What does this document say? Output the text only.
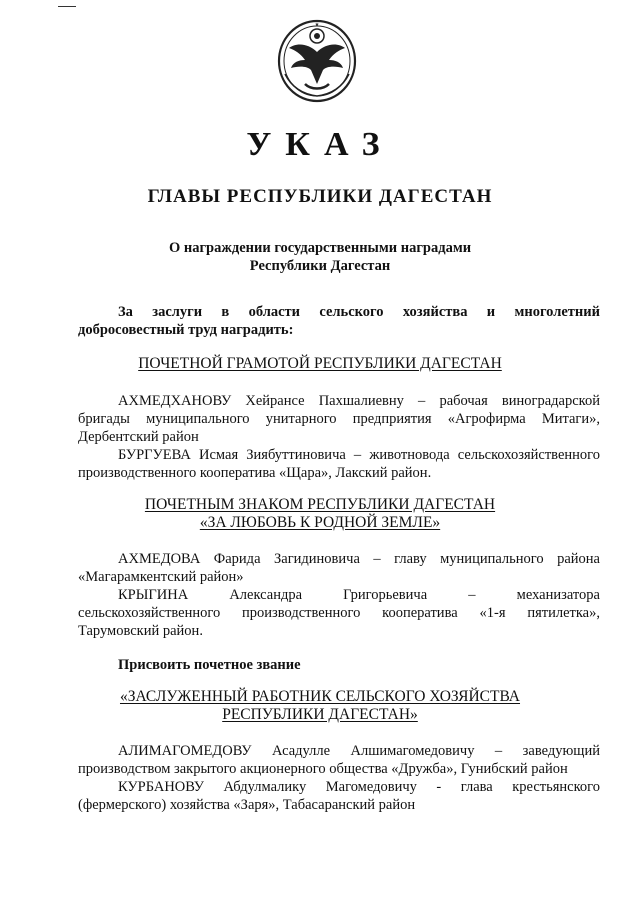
★
УКАЗ
ГЛАВЫ РЕСПУБЛИКИ ДАГЕСТАН
О награждении государственными наградами
Республики Дагестан
За заслуги в области сельского хозяйства и многолетний
добросовестный труд наградить:
ПОЧЕТНОЙ ГРАМОТОЙ РЕСПУБЛИКИ ДАГЕСТАН
АХМЕДХАНОВУ Хейрансе Пахшалиевну – рабочая виноградарской
бригады муниципального унитарного предприятия «Агрофирма Митаги»,
Дербентский район
БУРГУЕВА Исмая Зиябуттиновича – животновода сельскохозяйственного
производственного кооператива «Щара», Лакский район.
ПОЧЕТНЫМ ЗНАКОМ РЕСПУБЛИКИ ДАГЕСТАН
«ЗА ЛЮБОВЬ К РОДНОЙ ЗЕМЛЕ»
АХМЕДОВА Фарида Загидиновича – главу муниципального района
«Магарамкентский район»
КРЫГИНА Александра Григорьевича – механизатора
сельскохозяйственного производственного кооператива «1-я пятилетка»,
Тарумовский район.
Присвоить почетное звание
«ЗАСЛУЖЕННЫЙ РАБОТНИК СЕЛЬСКОГО ХОЗЯЙСТВА
РЕСПУБЛИКИ ДАГЕСТАН»
АЛИМАГОМЕДОВУ Асадулле Алшимагомедовичу – заведующий
производством закрытого акционерного общества «Дружба», Гунибский район
КУРБАНОВУ Абдулмалику Магомедовичу - глава крестьянского
(фермерского) хозяйства «Заря», Табасаранский район
